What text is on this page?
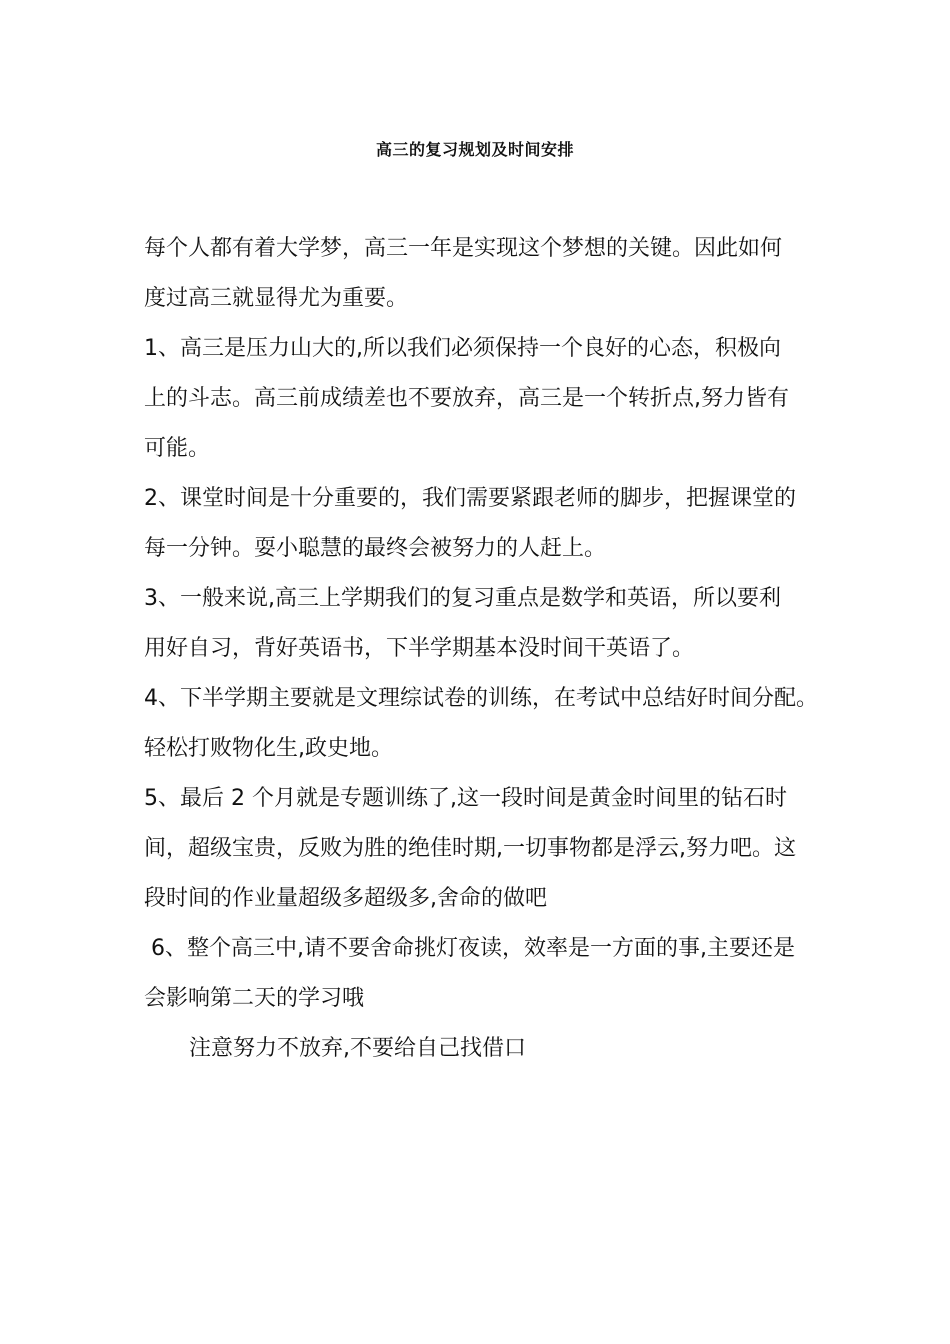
高三的复习规划及时间安排
每个人都有着大学梦，高三一年是实现这个梦想的关键。因此如何
度过高三就显得尤为重要。
1、高三是压力山大的,所以我们必须保持一个良好的心态，积极向
上的斗志。高三前成绩差也不要放弃，高三是一个转折点,努力皆有
可能。
2、课堂时间是十分重要的，我们需要紧跟老师的脚步，把握课堂的
每一分钟。耍小聪慧的最终会被努力的人赶上。
3、一般来说,高三上学期我们的复习重点是数学和英语，所以要利
用好自习，背好英语书，下半学期基本没时间干英语了。
4、下半学期主要就是文理综试卷的训练，在考试中总结好时间分配。
轻松打败物化生,政史地。
5、最后 2 个月就是专题训练了,这一段时间是黄金时间里的钻石时
间，超级宝贵，反败为胜的绝佳时期,一切事物都是浮云,努力吧。这
段时间的作业量超级多超级多,舍命的做吧
6、整个高三中,请不要舍命挑灯夜读，效率是一方面的事,主要还是
会影响第二天的学习哦
注意努力不放弃,不要给自己找借口
